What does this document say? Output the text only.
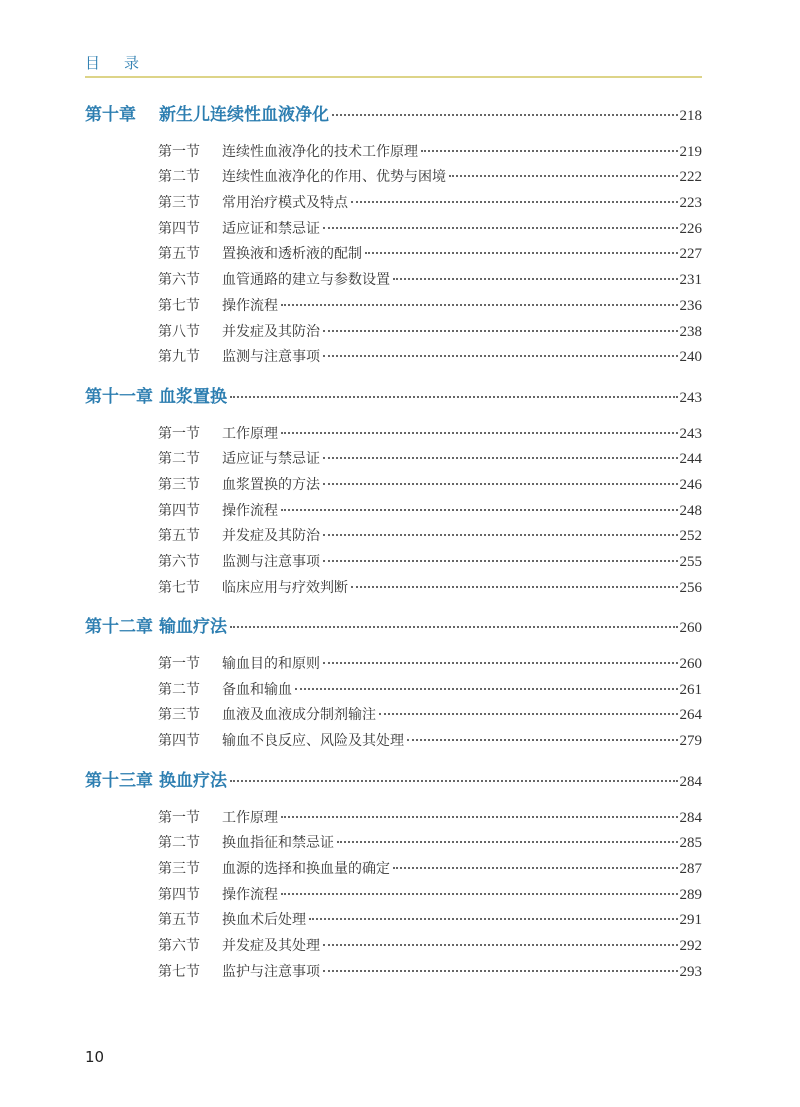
目 录
第十章	新生儿连续性血液净化	218
第一节	连续性血液净化的技术工作原理	219
第二节	连续性血液净化的作用、优势与困境	222
第三节	常用治疗模式及特点	223
第四节	适应证和禁忌证	226
第五节	置换液和透析液的配制	227
第六节	血管通路的建立与参数设置	231
第七节	操作流程	236
第八节	并发症及其防治	238
第九节	监测与注意事项	240
第十一章 血浆置换	243
第一节	工作原理	243
第二节	适应证与禁忌证	244
第三节	血浆置换的方法	246
第四节	操作流程	248
第五节	并发症及其防治	252
第六节	监测与注意事项	255
第七节	临床应用与疗效判断	256
第十二章 输血疗法	260
第一节	输血目的和原则	260
第二节	备血和输血	261
第三节	血液及血液成分制剂输注	264
第四节	输血不良反应、风险及其处理	279
第十三章 换血疗法	284
第一节	工作原理	284
第二节	换血指征和禁忌证	285
第三节	血源的选择和换血量的确定	287
第四节	操作流程	289
第五节	换血术后处理	291
第六节	并发症及其处理	292
第七节	监护与注意事项	293
10
